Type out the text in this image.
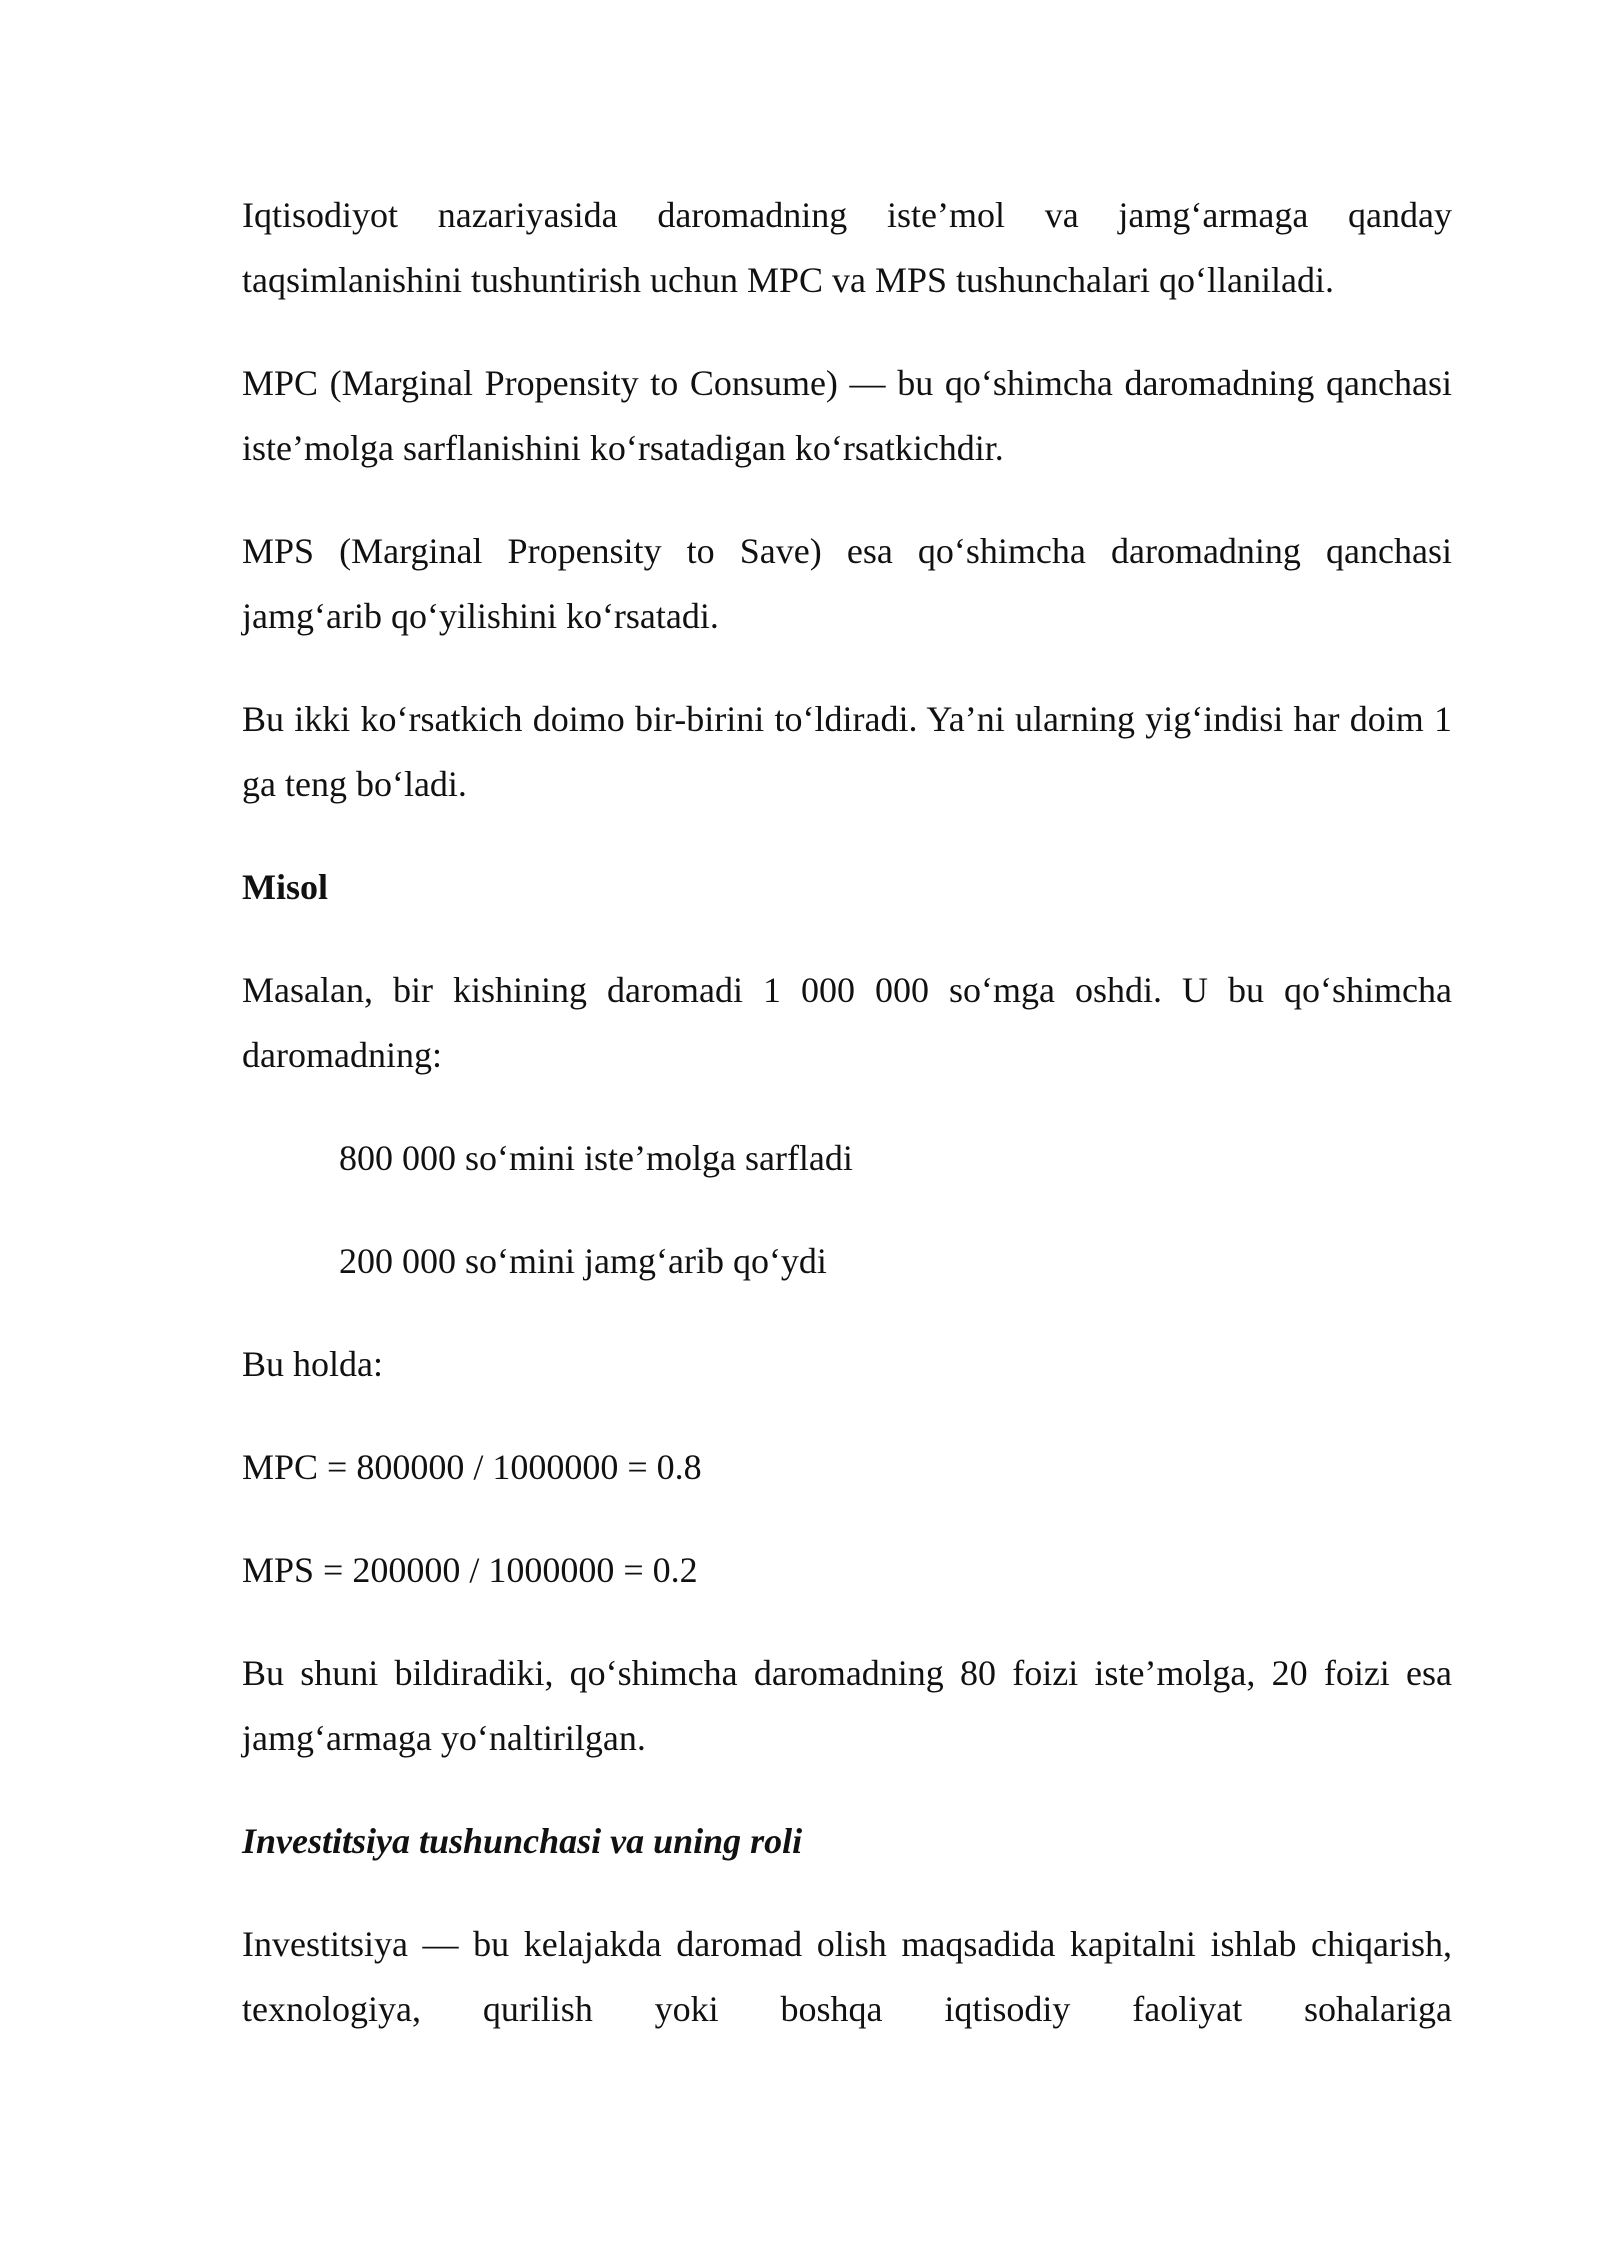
Iqtisodiyot nazariyasida daromadning iste’mol va jamg‘armaga qanday taqsimlanishini tushuntirish uchun MPC va MPS tushunchalari qo‘llaniladi.

MPC (Marginal Propensity to Consume) — bu qo‘shimcha daromadning qanchasi iste’molga sarflanishini ko‘rsatadigan ko‘rsatkichdir.

MPS (Marginal Propensity to Save) esa qo‘shimcha daromadning qanchasi jamg‘arib qo‘yilishini ko‘rsatadi.

Bu ikki ko‘rsatkich doimo bir-birini to‘ldiradi. Ya’ni ularning yig‘indisi har doim 1 ga teng bo‘ladi.

Misol

Masalan, bir kishining daromadi 1 000 000 so‘mga oshdi. U bu qo‘shimcha daromadning:

800 000 so‘mini iste’molga sarfladi
200 000 so‘mini jamg‘arib qo‘ydi

Bu holda:

MPC = 800000 / 1000000 = 0.8

MPS = 200000 / 1000000 = 0.2

Bu shuni bildiradiki, qo‘shimcha daromadning 80 foizi iste’molga, 20 foizi esa jamg‘armaga yo‘naltirilgan.

Investitsiya tushunchasi va uning roli

Investitsiya — bu kelajakda daromad olish maqsadida kapitalni ishlab chiqarish, texnologiya, qurilish yoki boshqa iqtisodiy faoliyat sohalariga
